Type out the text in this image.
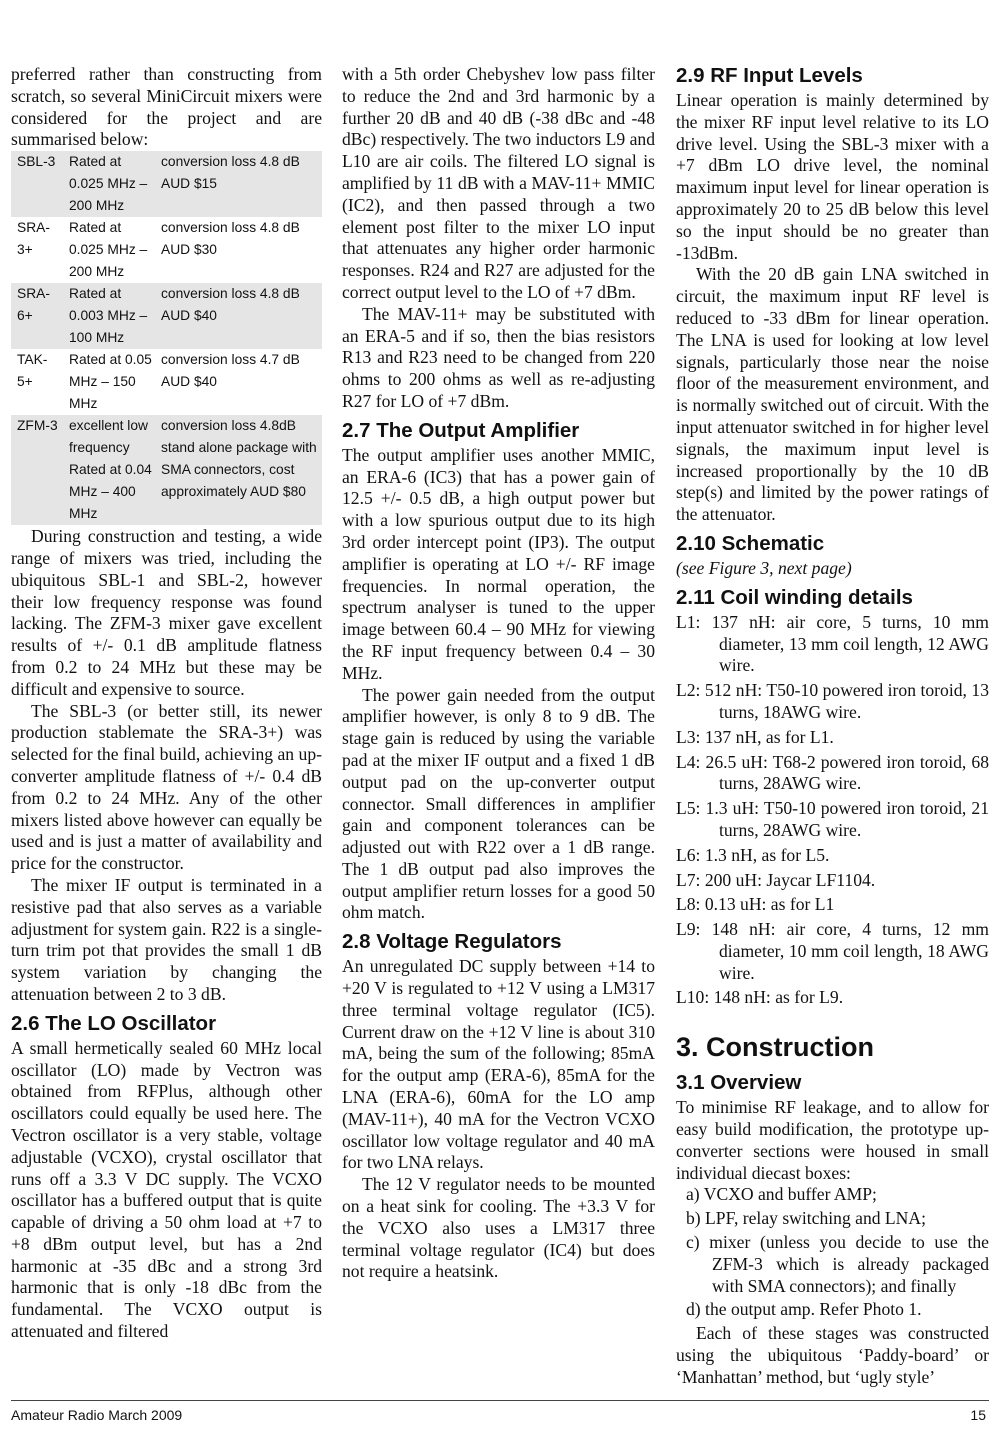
preferred rather than constructing from scratch, so several MiniCircuit mixers were considered for the project and are summarised below:

SBL-3	Rated at 0.025 MHz – 200 MHz	conversion loss 4.8 dB AUD $15
SRA-3+	Rated at 0.025 MHz – 200 MHz	conversion loss 4.8 dB AUD $30
SRA-6+	Rated at 0.003 MHz – 100 MHz	conversion loss 4.8 dB AUD $40
TAK-5+	Rated at 0.05 MHz – 150 MHz	conversion loss 4.7 dB AUD $40
ZFM-3	excellent low frequency Rated at 0.04 MHz – 400 MHz	conversion loss 4.8dB stand alone package with SMA connectors, cost approximately AUD $80

During construction and testing, a wide range of mixers was tried, including the ubiquitous SBL-1 and SBL-2, however their low frequency response was found lacking. The ZFM-3 mixer gave excellent results of +/- 0.1 dB amplitude flatness from 0.2 to 24 MHz but these may be difficult and expensive to source.

The SBL-3 (or better still, its newer production stablemate the SRA-3+) was selected for the final build, achieving an up-converter amplitude flatness of +/- 0.4 dB from 0.2 to 24 MHz. Any of the other mixers listed above however can equally be used and is just a matter of availability and price for the constructor.

The mixer IF output is terminated in a resistive pad that also serves as a variable adjustment for system gain. R22 is a single-turn trim pot that provides the small 1 dB system variation by changing the attenuation between 2 to 3 dB.

2.6 The LO Oscillator

A small hermetically sealed 60 MHz local oscillator (LO) made by Vectron was obtained from RFPlus, although other oscillators could equally be used here. The Vectron oscillator is a very stable, voltage adjustable (VCXO), crystal oscillator that runs off a 3.3 V DC supply. The VCXO oscillator has a buffered output that is quite capable of driving a 50 ohm load at +7 to +8 dBm output level, but has a 2nd harmonic at -35 dBc and a strong 3rd harmonic that is only -18 dBc from the fundamental. The VCXO output is attenuated and filtered

with a 5th order Chebyshev low pass filter to reduce the 2nd and 3rd harmonic by a further 20 dB and 40 dB (-38 dBc and -48 dBc) respectively. The two inductors L9 and L10 are air coils. The filtered LO signal is amplified by 11 dB with a MAV-11+ MMIC (IC2), and then passed through a two element post filter to the mixer LO input that attenuates any higher order harmonic responses. R24 and R27 are adjusted for the correct output level to the LO of +7 dBm.

The MAV-11+ may be substituted with an ERA-5 and if so, then the bias resistors R13 and R23 need to be changed from 220 ohms to 200 ohms as well as re-adjusting R27 for LO of +7 dBm.

2.7 The Output Amplifier

The output amplifier uses another MMIC, an ERA-6 (IC3) that has a power gain of 12.5 +/- 0.5 dB, a high output power but with a low spurious output due to its high 3rd order intercept point (IP3). The output amplifier is operating at LO +/- RF image frequencies. In normal operation, the spectrum analyser is tuned to the upper image between 60.4 – 90 MHz for viewing the RF input frequency between 0.4 – 30 MHz.

The power gain needed from the output amplifier however, is only 8 to 9 dB. The stage gain is reduced by using the variable pad at the mixer IF output and a fixed 1 dB output pad on the up-converter output connector. Small differences in amplifier gain and component tolerances can be adjusted out with R22 over a 1 dB range. The 1 dB output pad also improves the output amplifier return losses for a good 50 ohm match.

2.8 Voltage Regulators

An unregulated DC supply between +14 to +20 V is regulated to +12 V using a LM317 three terminal voltage regulator (IC5). Current draw on the +12 V line is about 310 mA, being the sum of the following; 85mA for the output amp (ERA-6), 85mA for the LNA (ERA-6), 60mA for the LO amp (MAV-11+), 40 mA for the Vectron VCXO oscillator low voltage regulator and 40 mA for two LNA relays.

The 12 V regulator needs to be mounted on a heat sink for cooling. The +3.3 V for the VCXO also uses a LM317 three terminal voltage regulator (IC4) but does not require a heatsink.

2.9 RF Input Levels

Linear operation is mainly determined by the mixer RF input level relative to its LO drive level. Using the SBL-3 mixer with a +7 dBm LO drive level, the nominal maximum input level for linear operation is approximately 20 to 25 dB below this level so the input should be no greater than -13dBm.

With the 20 dB gain LNA switched in circuit, the maximum input RF level is reduced to -33 dBm for linear operation. The LNA is used for looking at low level signals, particularly those near the noise floor of the measurement environment, and is normally switched out of circuit. With the input attenuator switched in for higher level signals, the maximum input level is increased proportionally by the 10 dB step(s) and limited by the power ratings of the attenuator.

2.10 Schematic

(see Figure 3, next page)

2.11 Coil winding details

L1: 137 nH: air core, 5 turns, 10 mm diameter, 13 mm coil length, 12 AWG wire.

L2: 512 nH: T50-10 powered iron toroid, 13 turns, 18AWG wire.

L3: 137 nH, as for L1.

L4: 26.5 uH: T68-2 powered iron toroid, 68 turns, 28AWG wire.

L5: 1.3 uH: T50-10 powered iron toroid, 21 turns, 28AWG wire.

L6: 1.3 nH, as for L5.

L7: 200 uH: Jaycar LF1104.

L8: 0.13 uH: as for L1

L9: 148 nH: air core, 4 turns, 12 mm diameter, 10 mm coil length, 18 AWG wire.

L10: 148 nH: as for L9.

3. Construction
3.1 Overview

To minimise RF leakage, and to allow for easy build modification, the prototype up-converter sections were housed in small individual diecast boxes:

a) VCXO and buffer AMP;

b) LPF, relay switching and LNA;

c) mixer (unless you decide to use the ZFM-3 which is already packaged with SMA connectors); and finally

d) the output amp. Refer Photo 1.

Each of these stages was constructed using the ubiquitous ‘Paddy-board’ or ‘Manhattan’ method, but ‘ugly style’

Amateur Radio March 2009	15
